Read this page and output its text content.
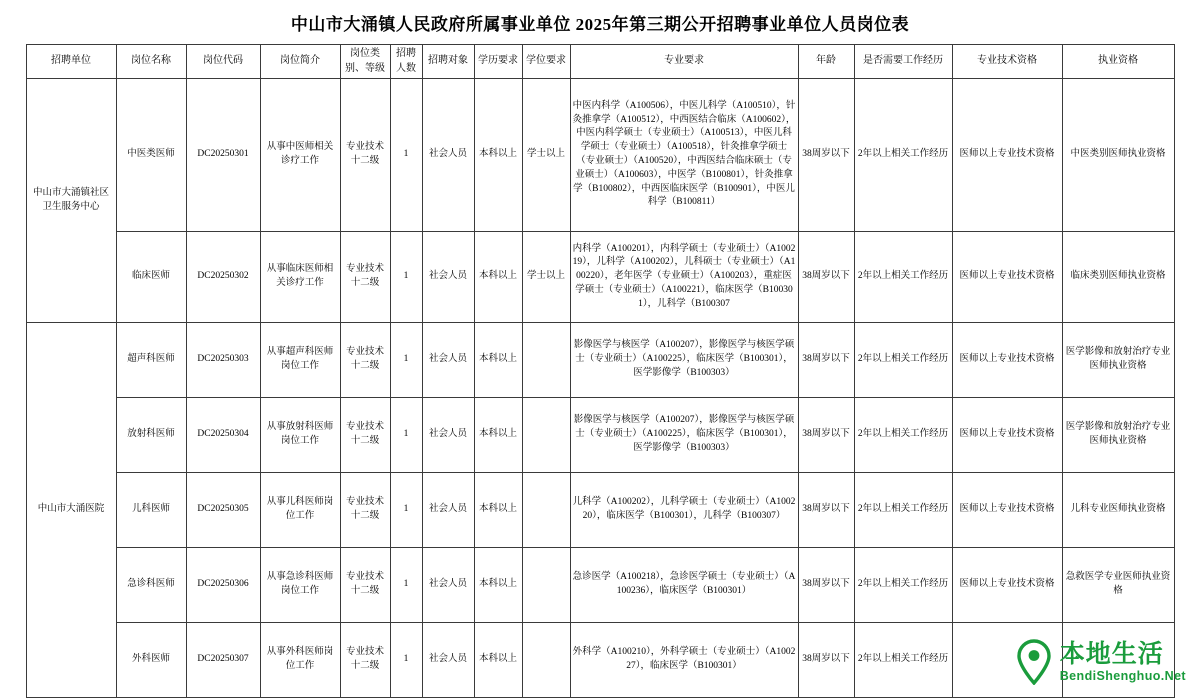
中山市大涌镇人民政府所属事业单位 2025年第三期公开招聘事业单位人员岗位表
招聘单位	岗位名称	岗位代码	岗位简介	岗位类别、等级	招聘人数	招聘对象	学历要求	学位要求	专业要求	年龄	是否需要工作经历	专业技术资格	执业资格
中山市大涌镇社区卫生服务中心	中医类医师	DC20250301	从事中医师相关诊疗工作	专业技术十二级	1	社会人员	本科以上	学士以上	中医内科学（A100506），中医儿科学（A100510），针灸推拿学（A100512），中西医结合临床（A100602），中医内科学硕士（专业硕士）（A100513），中医儿科学硕士（专业硕士）（A100518），针灸推拿学硕士（专业硕士）（A100520），中西医结合临床硕士（专业硕士）（A100603），中医学（B100801），针灸推拿学（B100802），中西医临床医学（B100901），中医儿科学（B100811）	38周岁以下	2年以上相关工作经历	医师以上专业技术资格	中医类别医师执业资格
	临床医师	DC20250302	从事临床医师相关诊疗工作	专业技术十二级	1	社会人员	本科以上	学士以上	内科学（A100201），内科学硕士（专业硕士）（A100219），儿科学（A100202），儿科硕士（专业硕士）（A100220），老年医学（专业硕士）（A100203），重症医学硕士（专业硕士）（A100221），临床医学（B100301），儿科学（B100307	38周岁以下	2年以上相关工作经历	医师以上专业技术资格	临床类别医师执业资格
中山市大涌医院	超声科医师	DC20250303	从事超声科医师岗位工作	专业技术十二级	1	社会人员	本科以上		影像医学与核医学（A100207），影像医学与核医学硕士（专业硕士）（A100225），临床医学（B100301），医学影像学（B100303）	38周岁以下	2年以上相关工作经历	医师以上专业技术资格	医学影像和放射治疗专业医师执业资格
	放射科医师	DC20250304	从事放射科医师岗位工作	专业技术十二级	1	社会人员	本科以上		影像医学与核医学（A100207），影像医学与核医学硕士（专业硕士）（A100225），临床医学（B100301），医学影像学（B100303）	38周岁以下	2年以上相关工作经历	医师以上专业技术资格	医学影像和放射治疗专业医师执业资格
	儿科医师	DC20250305	从事儿科医师岗位工作	专业技术十二级	1	社会人员	本科以上		儿科学（A100202），儿科学硕士（专业硕士）（A100220），临床医学（B100301），儿科学（B100307）	38周岁以下	2年以上相关工作经历	医师以上专业技术资格	儿科专业医师执业资格
	急诊科医师	DC20250306	从事急诊科医师岗位工作	专业技术十二级	1	社会人员	本科以上		急诊医学（A100218），急诊医学硕士（专业硕士）（A100236），临床医学（B100301）	38周岁以下	2年以上相关工作经历	医师以上专业技术资格	急救医学专业医师执业资格
	外科医师	DC20250307	从事外科医师岗位工作	专业技术十二级	1	社会人员	本科以上		外科学（A100210），外科学硕士（专业硕士）（A100227），临床医学（B100301）	38周岁以下	2年以上相关工作经历			本地生活
BendiShenghuo.Net
